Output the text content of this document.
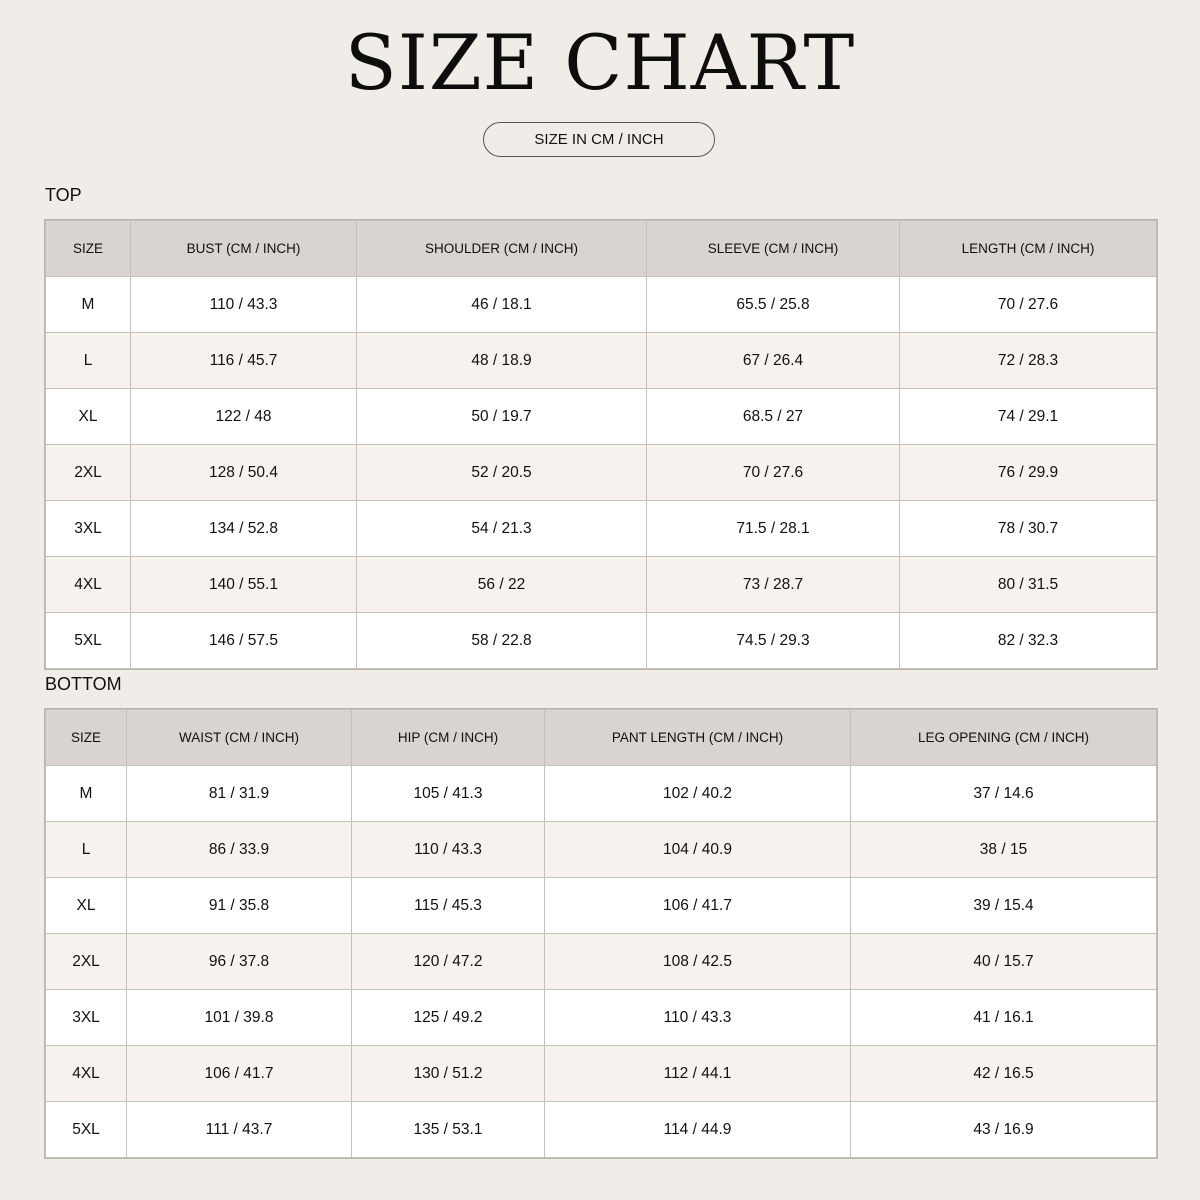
SIZE CHART
SIZE IN CM / INCH
TOP
SIZE	BUST (CM / INCH)	SHOULDER (CM / INCH)	SLEEVE (CM / INCH)	LENGTH (CM / INCH)
M	110 / 43.3	46 / 18.1	65.5 / 25.8	70 / 27.6
L	116 / 45.7	48 / 18.9	67 / 26.4	72 / 28.3
XL	122 / 48	50 / 19.7	68.5 / 27	74 / 29.1
2XL	128 / 50.4	52 / 20.5	70 / 27.6	76 / 29.9
3XL	134 / 52.8	54 / 21.3	71.5 / 28.1	78 / 30.7
4XL	140 / 55.1	56 / 22	73 / 28.7	80 / 31.5
5XL	146 / 57.5	58 / 22.8	74.5 / 29.3	82 / 32.3
BOTTOM
SIZE	WAIST (CM / INCH)	HIP (CM / INCH)	PANT LENGTH (CM / INCH)	LEG OPENING (CM / INCH)
M	81 / 31.9	105 / 41.3	102 / 40.2	37 / 14.6
L	86 / 33.9	110 / 43.3	104 / 40.9	38 / 15
XL	91 / 35.8	115 / 45.3	106 / 41.7	39 / 15.4
2XL	96 / 37.8	120 / 47.2	108 / 42.5	40 / 15.7
3XL	101 / 39.8	125 / 49.2	110 / 43.3	41 / 16.1
4XL	106 / 41.7	130 / 51.2	112 / 44.1	42 / 16.5
5XL	111 / 43.7	135 / 53.1	114 / 44.9	43 / 16.9
